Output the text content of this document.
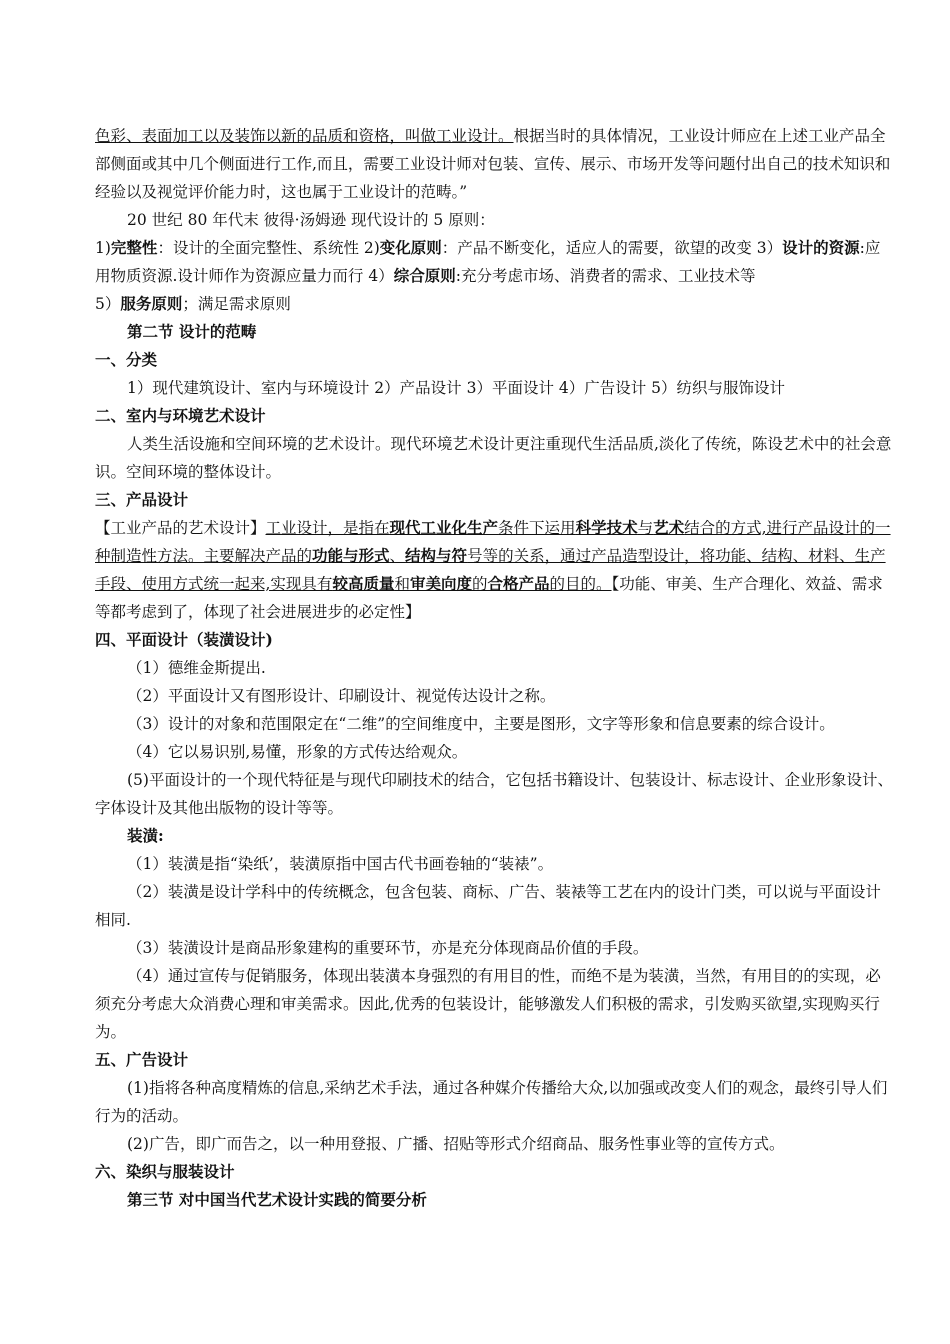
色彩、表面加工以及装饰以新的品质和资格，叫做工业设计。根据当时的具体情况，工业设计师应在上述工业产品全部侧面或其中几个侧面进行工作,而且，需要工业设计师对包装、宣传、展示、市场开发等问题付出自己的技术知识和经验以及视觉评价能力时，这也属于工业设计的范畴。”

20 世纪 80 年代末 彼得·汤姆逊 现代设计的 5 原则：

1)完整性：设计的全面完整性、系统性 2)变化原则：产品不断变化，适应人的需要，欲望的改变 3）设计的资源:应用物质资源.设计师作为资源应量力而行 4）综合原则:充分考虑市场、消费者的需求、工业技术等
5）服务原则；满足需求原则

第二节 设计的范畴

一、分类

1）现代建筑设计、室内与环境设计 2）产品设计 3）平面设计 4）广告设计 5）纺织与服饰设计

二、室内与环境艺术设计

人类生活设施和空间环境的艺术设计。现代环境艺术设计更注重现代生活品质,淡化了传统，陈设艺术中的社会意识。空间环境的整体设计。

三、产品设计

【工业产品的艺术设计】工业设计，是指在现代工业化生产条件下运用科学技术与艺术结合的方式,进行产品设计的一种制造性方法。主要解决产品的功能与形式、结构与符号等的关系，通过产品造型设计，将功能、结构、材料、生产手段、使用方式统一起来,实现具有较高质量和审美向度的合格产品的目的。【功能、审美、生产合理化、效益、需求等都考虑到了，体现了社会进展进步的必定性】

四、平面设计（装潢设计)

（1）德维金斯提出.

（2）平面设计又有图形设计、印刷设计、视觉传达设计之称。

（3）设计的对象和范围限定在“二维”的空间维度中，主要是图形，文字等形象和信息要素的综合设计。

（4）它以易识别,易懂，形象的方式传达给观众。

(5)平面设计的一个现代特征是与现代印刷技术的结合，它包括书籍设计、包装设计、标志设计、企业形象设计、字体设计及其他出版物的设计等等。

装潢:

（1）装潢是指“染纸’，装潢原指中国古代书画卷轴的“装裱”。

（2）装潢是设计学科中的传统概念，包含包装、商标、广告、装裱等工艺在内的设计门类，可以说与平面设计相同.

（3）装潢设计是商品形象建构的重要环节，亦是充分体现商品价值的手段。

（4）通过宣传与促销服务，体现出装潢本身强烈的有用目的性，而绝不是为装潢，当然，有用目的的实现，必须充分考虑大众消费心理和审美需求。因此,优秀的包装设计，能够激发人们积极的需求，引发购买欲望,实现购买行为。

五、广告设计

(1)指将各种高度精炼的信息,采纳艺术手法，通过各种媒介传播给大众,以加强或改变人们的观念，最终引导人们行为的活动。

(2)广告，即广而告之，以一种用登报、广播、招贴等形式介绍商品、服务性事业等的宣传方式。

六、染织与服装设计

第三节 对中国当代艺术设计实践的简要分析
